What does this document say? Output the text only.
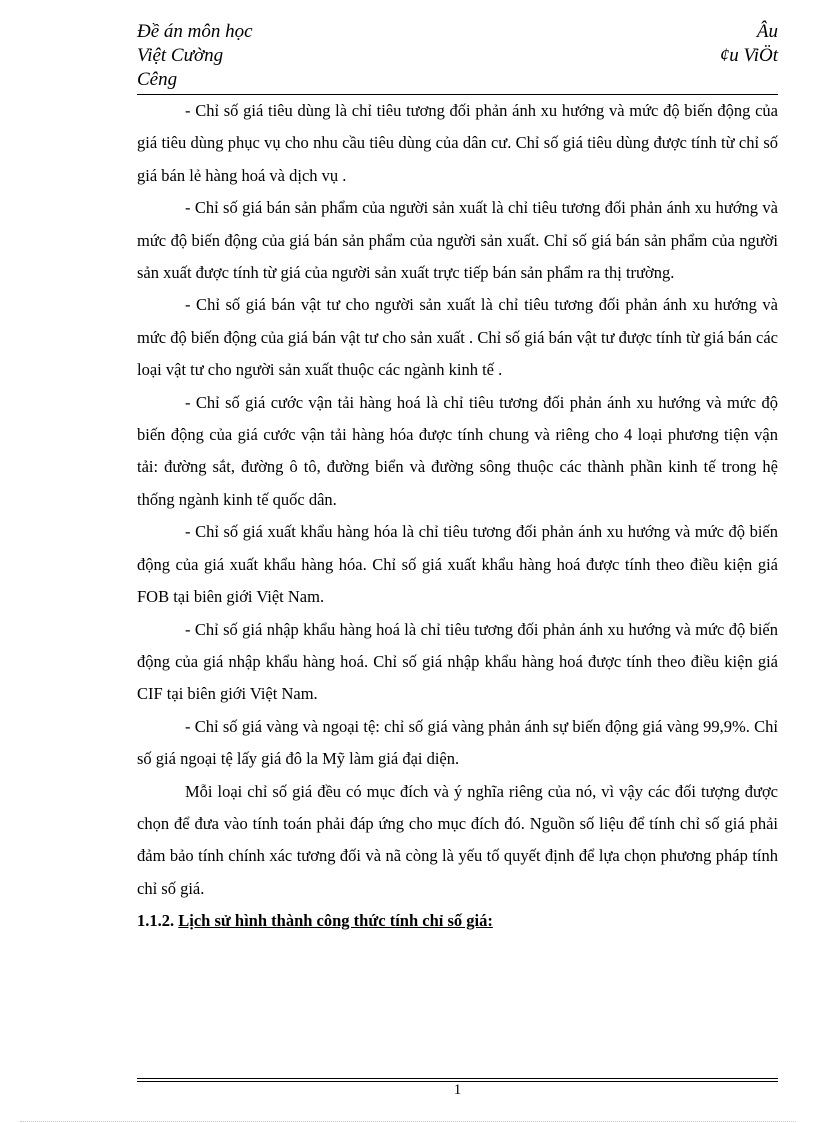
Đề án môn học	Âu
Việt Cường	¢u ViÖt
Cêng

- Chỉ số giá tiêu dùng là chỉ tiêu tương đối phản ánh xu hướng và mức độ biến động của giá tiêu dùng phục vụ cho nhu cầu tiêu dùng của dân cư. Chỉ số giá tiêu dùng được tính từ chỉ số giá bán lẻ hàng hoá và dịch vụ .

- Chỉ số giá bán sản phẩm của người sản xuất là chỉ tiêu tương đối phản ánh xu hướng và mức độ biến động của giá bán sản phẩm của người sản xuất. Chỉ số giá bán sản phẩm của người sản xuất được tính từ giá của người sản xuất trực tiếp bán sản phẩm ra thị trường.

- Chỉ số giá bán vật tư cho người sản xuất là chỉ tiêu tương đối phản ánh xu hướng và mức độ biến động của giá bán vật tư cho sản xuất . Chỉ số giá bán vật tư được tính từ giá bán các loại vật tư cho người sản xuất thuộc các ngành kinh tế .

- Chỉ số giá cước vận tải hàng hoá là chỉ tiêu tương đối phản ánh xu hướng và mức độ biến động của giá cước vận tải hàng hóa được tính chung và riêng cho 4 loại phương tiện vận tải: đường sắt, đường ô tô, đường biển và đường sông thuộc các thành phần kinh tế trong hệ thống ngành kinh tế quốc dân.

- Chỉ số giá xuất khẩu hàng hóa là chỉ tiêu tương đối phản ánh xu hướng và mức độ biến động của giá xuất khẩu hàng hóa. Chỉ số giá xuất khẩu hàng hoá được tính theo điều kiện giá FOB tại biên giới Việt Nam.

- Chỉ số giá nhập khẩu hàng hoá là chỉ tiêu tương đối phản ánh xu hướng và mức độ biến động của giá nhập khẩu hàng hoá. Chỉ số giá nhập khẩu hàng hoá được tính theo điều kiện giá CIF tại biên giới Việt Nam.

- Chỉ số giá vàng và ngoại tệ: chỉ số giá vàng phản ánh sự biến động giá vàng 99,9%. Chỉ số giá ngoại tệ lấy giá đô la Mỹ làm giá đại diện.

Mỗi loại chỉ số giá đều có mục đích và ý nghĩa riêng của nó, vì vậy các đối tượng được chọn để đưa vào tính toán phải đáp ứng cho mục đích đó. Nguồn số liệu để tính chỉ số giá phải đảm bảo tính chính xác tương đối và nã còng là yếu tố quyết định để lựa chọn phương pháp tính chỉ số giá.

1.1.2. Lịch sử hình thành công thức tính chỉ số giá:
1
